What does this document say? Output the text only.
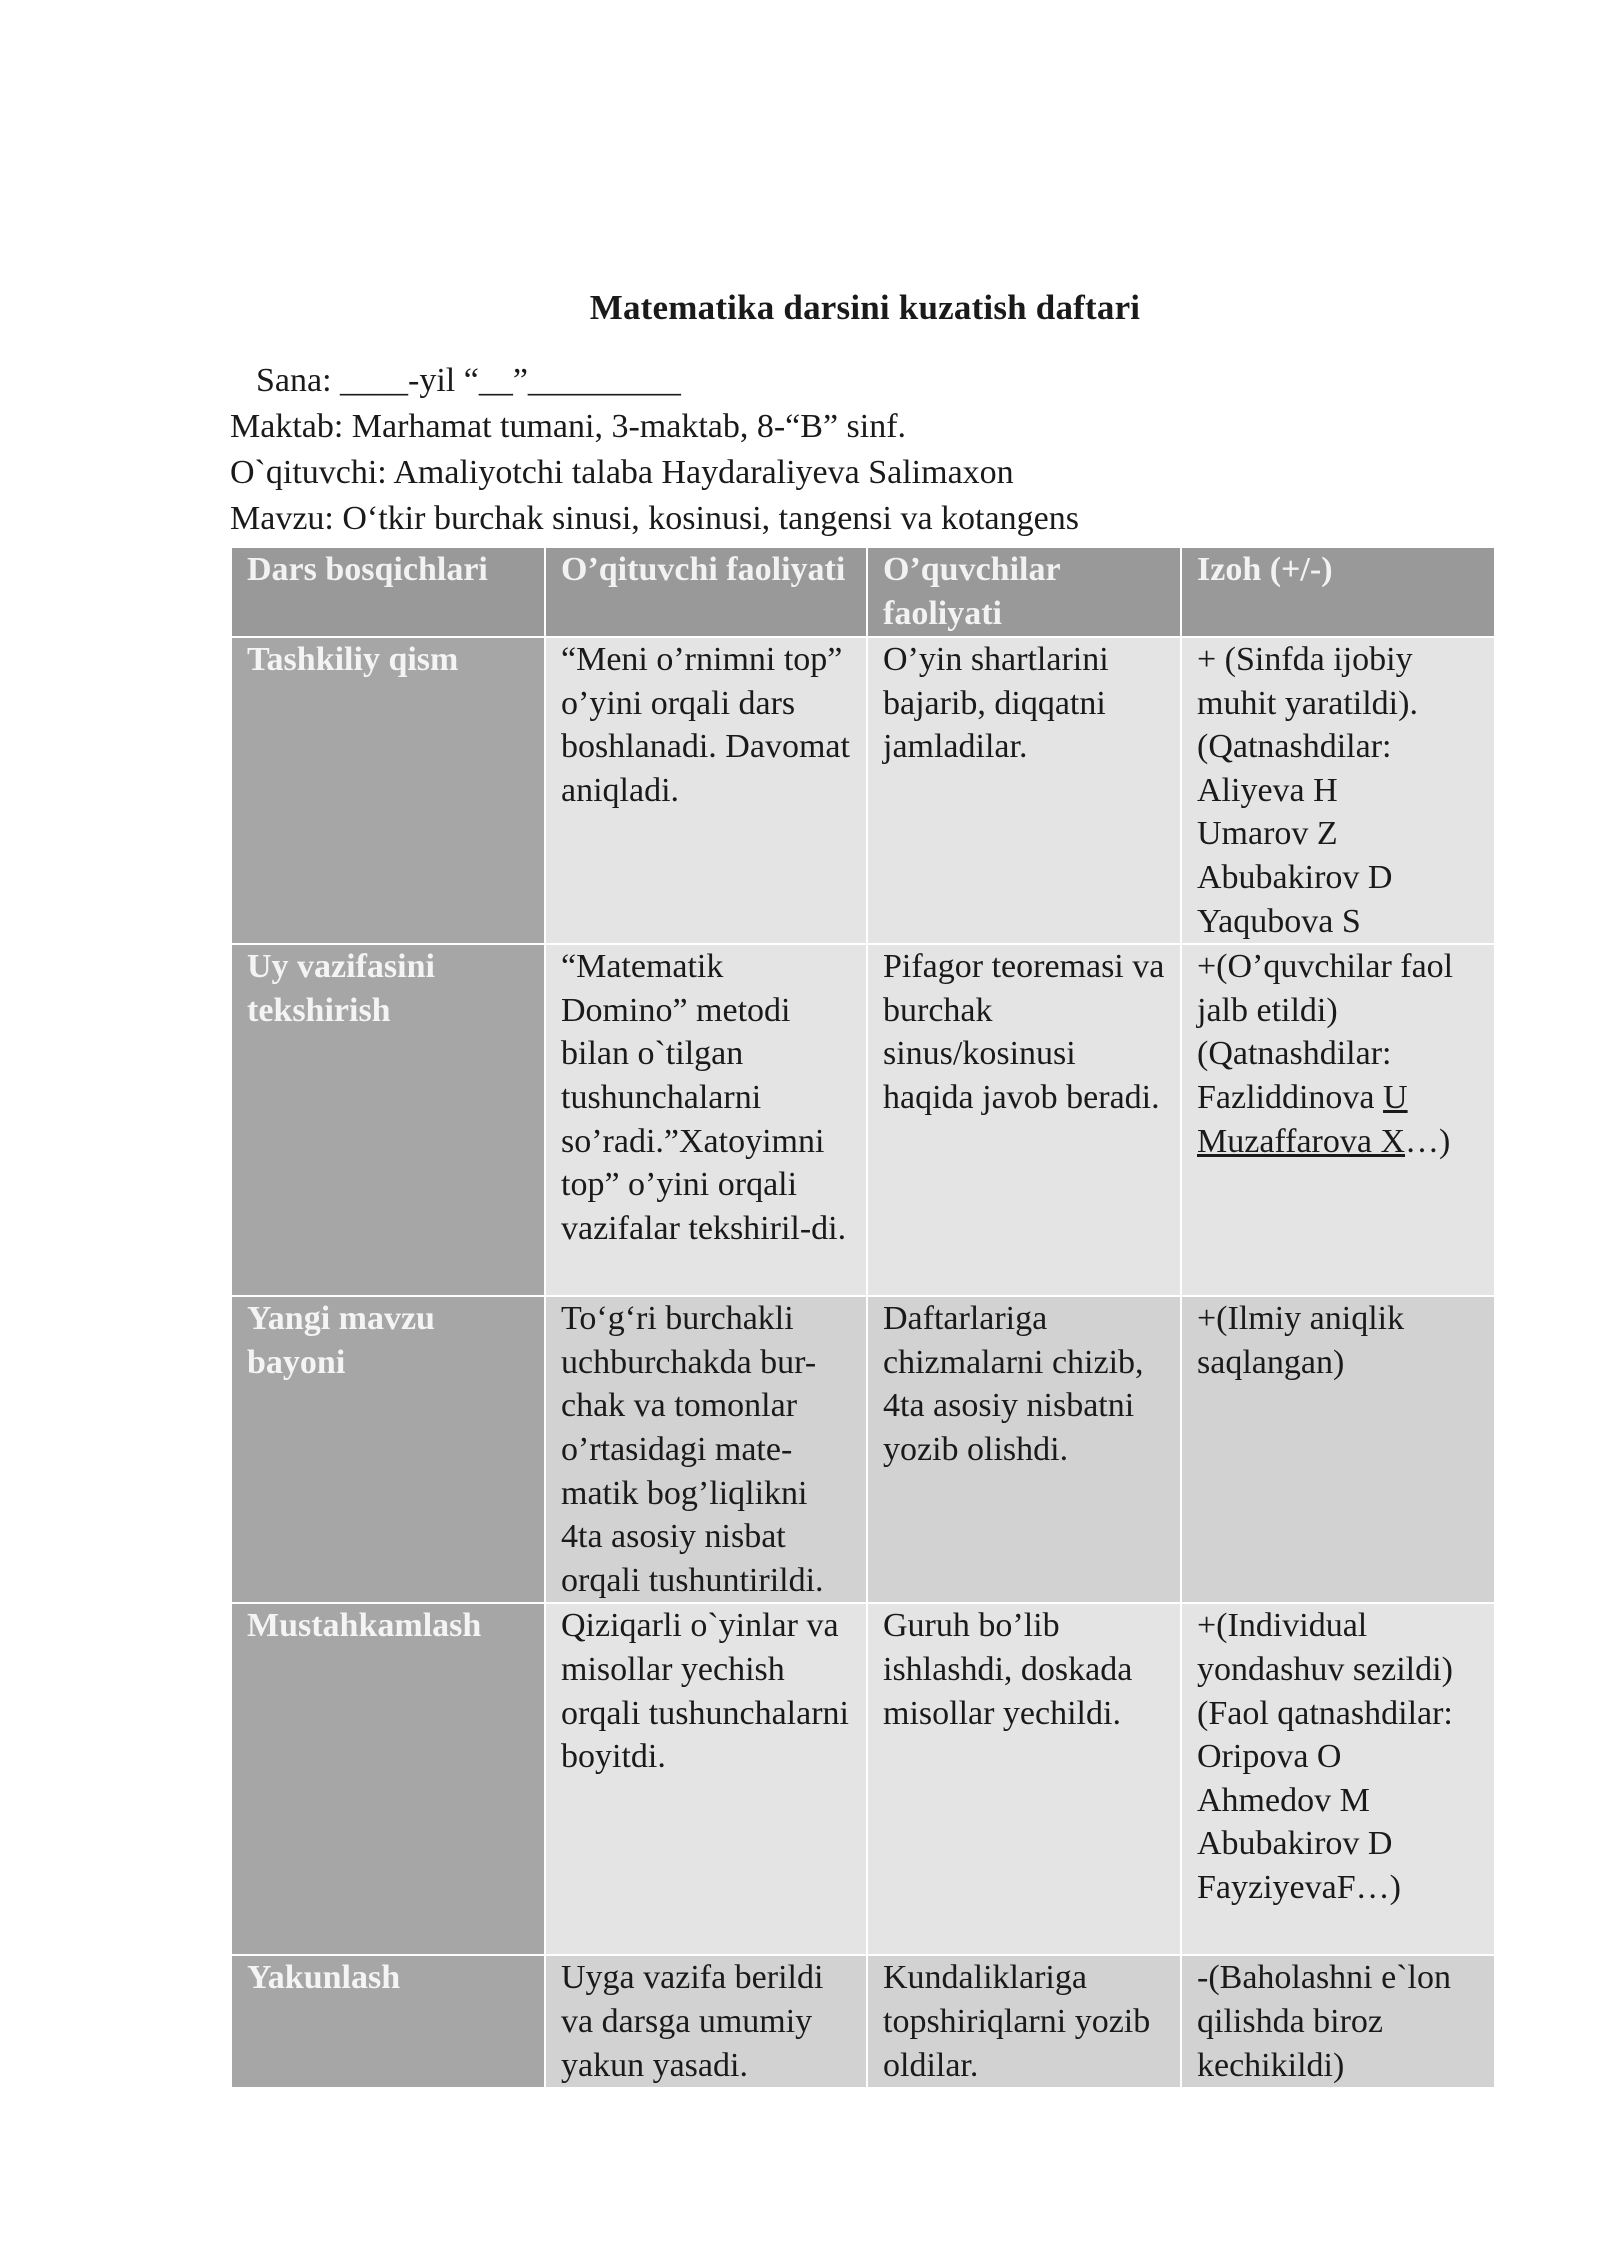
Matematika darsini kuzatish daftari
Sana: ____-yil “__”_________
Maktab: Marhamat tumani, 3-maktab, 8-“B” sinf.
O`qituvchi: Amaliyotchi talaba Haydaraliyeva Salimaxon
Mavzu: O‘tkir burchak sinusi, kosinusi, tangensi va kotangens
Dars bosqichlari	O’qituvchi faoliyati	O’quvchilar faoliyati	Izoh (+/-)
Tashkiliy qism	“Meni o’rnimni top” o’yini orqali dars boshlanadi. Davomat aniqladi.	O’yin shartlarini bajarib, diqqatni jamladilar.	+ (Sinfda ijobiy muhit yaratildi). (Qatnashdilar:
Aliyeva H
Umarov Z
Abubakirov D
Yaqubova S
Uy vazifasini tekshirish	“Matematik Domino” metodi bilan o`tilgan tushunchalarni so’radi.”Xatoyimni top” o’yini orqali vazifalar tekshiril-di.	Pifagor teoremasi va burchak sinus/kosinusi haqida javob beradi.	+(O’quvchilar faol jalb etildi) (Qatnashdilar: Fazliddinova U Muzaffarova X…)
Yangi mavzu bayoni	To‘g‘ri burchakli uchburchakda bur-chak va tomonlar o’rtasidagi mate-matik bog’liqlikni 4ta asosiy nisbat orqali tushuntirildi.	Daftarlariga chizmalarni chizib, 4ta asosiy nisbatni yozib olishdi.	+(Ilmiy aniqlik saqlangan)
Mustahkamlash	Qiziqarli o`yinlar va misollar yechish orqali tushunchalarni boyitdi.	Guruh bo’lib ishlashdi, doskada misollar yechildi.	+(Individual yondashuv sezildi) (Faol qatnashdilar:
Oripova O
Ahmedov M
Abubakirov D
FayziyevaF…)
Yakunlash	Uyga vazifa berildi va darsga umumiy yakun yasadi.	Kundaliklariga topshiriqlarni yozib oldilar.	-(Baholashni e`lon qilishda biroz kechikildi)
